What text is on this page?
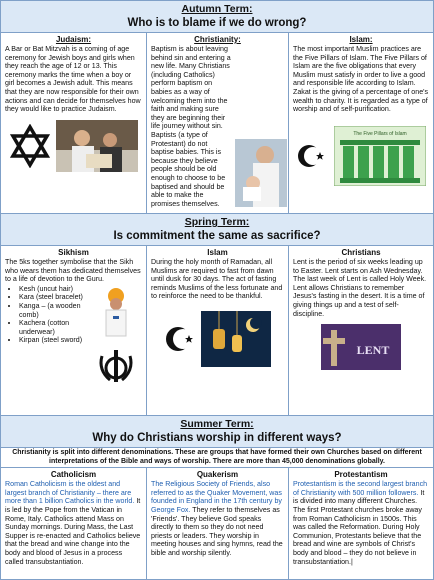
Autumn Term:
Who is to blame if we do wrong?
Judaism:

A Bar or Bat Mitzvah is a coming of age ceremony for Jewish boys and girls when they reach the age of 12 or 13. This ceremony marks the time when a boy or girl becomes a Jewish adult. This means that they are now responsible for their own actions and can decide for themselves how they would like to practice Judaism.

Christianity:

Baptism is about leaving behind sin and entering a new life. Many Christians (including Catholics) perform baptism on babies as a way of welcoming them into the faith and making sure they are beginning their life journey without sin. Baptists (a type of Protestant) do not baptise babies. This is because they believe people should be old enough to choose to be baptised and should be able to make the promises themselves.

Islam:

The most important Muslim practices are the Five Pillars of Islam. The Five Pillars of Islam are the five obligations that every Muslim must satisfy in order to live a good and responsible life according to Islam. Zakat is the giving of a percentage of one's wealth to charity. It is regarded as a type of worship and of self-purification.

The Five Pillars of Islam
Spring Term:
Is commitment the same as sacrifice?
Sikhism

The 5ks together symbolise that the Sikh who wears them has dedicated themselves to a life of devotion to the Guru.

• Kesh (uncut hair)
• Kara (steel bracelet)
• Kanga – (a wooden comb)
• Kachera (cotton underwear)
• Kirpan (steel sword)
Islam

During the holy month of Ramadan, all Muslims are required to fast from dawn until dusk for 30 days. The act of fasting reminds Muslims of the less fortunate and to reinforce the need to be thankful.

Christians

Lent is the period of six weeks leading up to Easter. Lent starts on Ash Wednesday. The last week of Lent is called Holy Week. Lent allows Christians to remember Jesus's fasting in the desert. It is a time of giving things up and a test of self-discipline.

LENT
Summer Term:
Why do Christians worship in different ways?
Christianity is split into different denominations. These are groups that have formed their own Churches based on different interpretations of the Bible and ways of worship. There are more than 45,000 denominations globally.
Catholicism

Roman Catholicism is the oldest and largest branch of Christianity – there are more than 1 billion Catholics in the world. It is led by the Pope from the Vatican in Rome, Italy. Catholics attend Mass on Sunday mornings. During Mass, the Last Supper is re-enacted and Catholics believe that the bread and wine change into the body and blood of Jesus in a process called transubstantiation.

Quakerism

The Religious Society of Friends, also referred to as the Quaker Movement, was founded in England in the 17th century by George Fox. They refer to themselves as 'Friends'. They believe God speaks directly to them so they do not need priests or leaders. They worship in meeting houses and sing hymns, read the bible and worship silently.

Protestantism

Protestantism is the second largest branch of Christianity with 500 million followers. It is divided into many different Churches. The first Protestant churches broke away from Roman Catholicism in 1500s. This was called the Reformation. During Holy Communion, Protestants believe that the bread and wine are symbols of Christ's body and blood – they do not believe in transubstantiation.|
